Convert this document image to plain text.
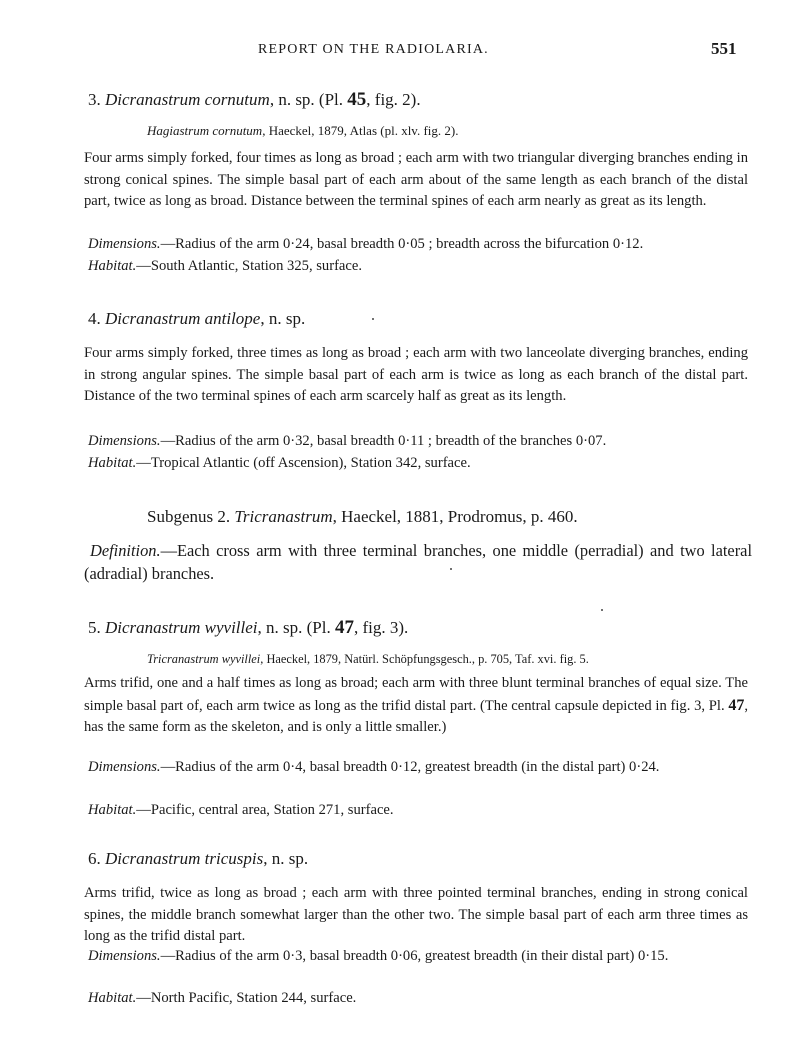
REPORT ON THE RADIOLARIA.	551
3. Dicranastrum cornutum, n. sp. (Pl. 45, fig. 2).
Hagiastrum cornutum, Haeckel, 1879, Atlas (pl. xlv. fig. 2).
Four arms simply forked, four times as long as broad ; each arm with two triangular diverging branches ending in strong conical spines. The simple basal part of each arm about of the same length as each branch of the distal part, twice as long as broad. Distance between the terminal spines of each arm nearly as great as its length.
Dimensions.—Radius of the arm 0·24, basal breadth 0·05 ; breadth across the bifurcation 0·12.
Habitat.—South Atlantic, Station 325, surface.
4. Dicranastrum antilope, n. sp.
Four arms simply forked, three times as long as broad ; each arm with two lanceolate diverging branches, ending in strong angular spines. The simple basal part of each arm is twice as long as each branch of the distal part. Distance of the two terminal spines of each arm scarcely half as great as its length.
Dimensions.—Radius of the arm 0·32, basal breadth 0·11 ; breadth of the branches 0·07.
Habitat.—Tropical Atlantic (off Ascension), Station 342, surface.
Subgenus 2. Tricranastrum, Haeckel, 1881, Prodromus, p. 460.
Definition.—Each cross arm with three terminal branches, one middle (perradial) and two lateral (adradial) branches.
5. Dicranastrum wyvillei, n. sp. (Pl. 47, fig. 3).
Tricranastrum wyvillei, Haeckel, 1879, Natürl. Schöpfungsgesch., p. 705, Taf. xvi. fig. 5.
Arms trifid, one and a half times as long as broad; each arm with three blunt terminal branches of equal size. The simple basal part of, each arm twice as long as the trifid distal part. (The central capsule depicted in fig. 3, Pl. 47, has the same form as the skeleton, and is only a little smaller.)
Dimensions.—Radius of the arm 0·4, basal breadth 0·12, greatest breadth (in the distal part) 0·24.
Habitat.—Pacific, central area, Station 271, surface.
6. Dicranastrum tricuspis, n. sp.
Arms trifid, twice as long as broad ; each arm with three pointed terminal branches, ending in strong conical spines, the middle branch somewhat larger than the other two. The simple basal part of each arm three times as long as the trifid distal part.
Dimensions.—Radius of the arm 0·3, basal breadth 0·06, greatest breadth (in their distal part) 0·15.
Habitat.—North Pacific, Station 244, surface.
